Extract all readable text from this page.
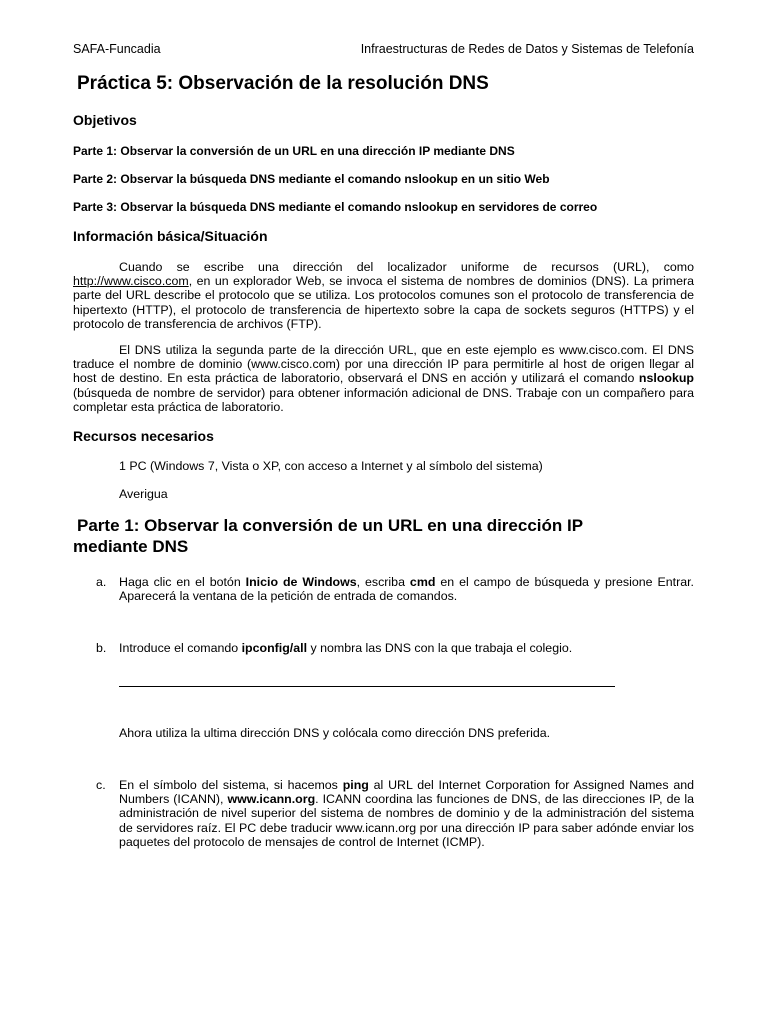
SAFA-Funcadia	Infraestructuras de Redes de Datos y Sistemas de Telefonía
Práctica 5: Observación de la resolución DNS
Objetivos

Parte 1: Observar la conversión de un URL en una dirección IP mediante DNS

Parte 2: Observar la búsqueda DNS mediante el comando nslookup en un sitio Web

Parte 3: Observar la búsqueda DNS mediante el comando nslookup en servidores de correo

Información básica/Situación

Cuando se escribe una dirección del localizador uniforme de recursos (URL), como http://www.cisco.com, en un explorador Web, se invoca el sistema de nombres de dominios (DNS). La primera parte del URL describe el protocolo que se utiliza. Los protocolos comunes son el protocolo de transferencia de hipertexto (HTTP), el protocolo de transferencia de hipertexto sobre la capa de sockets seguros (HTTPS) y el protocolo de transferencia de archivos (FTP).

El DNS utiliza la segunda parte de la dirección URL, que en este ejemplo es www.cisco.com. El DNS traduce el nombre de dominio (www.cisco.com) por una dirección IP para permitirle al host de origen llegar al host de destino. En esta práctica de laboratorio, observará el DNS en acción y utilizará el comando nslookup (búsqueda de nombre de servidor) para obtener información adicional de DNS. Trabaje con un compañero para completar esta práctica de laboratorio.

Recursos necesarios

1 PC (Windows 7, Vista o XP, con acceso a Internet y al símbolo del sistema)

Averigua

Parte 1: Observar la conversión de un URL en una dirección IP
mediante DNS
a. Haga clic en el botón Inicio de Windows, escriba cmd en el campo de búsqueda y presione Entrar. Aparecerá la ventana de la petición de entrada de comandos.
b. Introduce el comando ipconfig/all y nombra las DNS con la que trabaja el colegio.
Ahora utiliza la ultima dirección DNS y colócala como dirección DNS preferida.
c. En el símbolo del sistema, si hacemos ping al URL del Internet Corporation for Assigned Names and Numbers (ICANN), www.icann.org. ICANN coordina las funciones de DNS, de las direcciones IP, de la administración de nivel superior del sistema de nombres de dominio y de la administración del sistema de servidores raíz. El PC debe traducir www.icann.org por una dirección IP para saber adónde enviar los paquetes del protocolo de mensajes de control de Internet (ICMP).
